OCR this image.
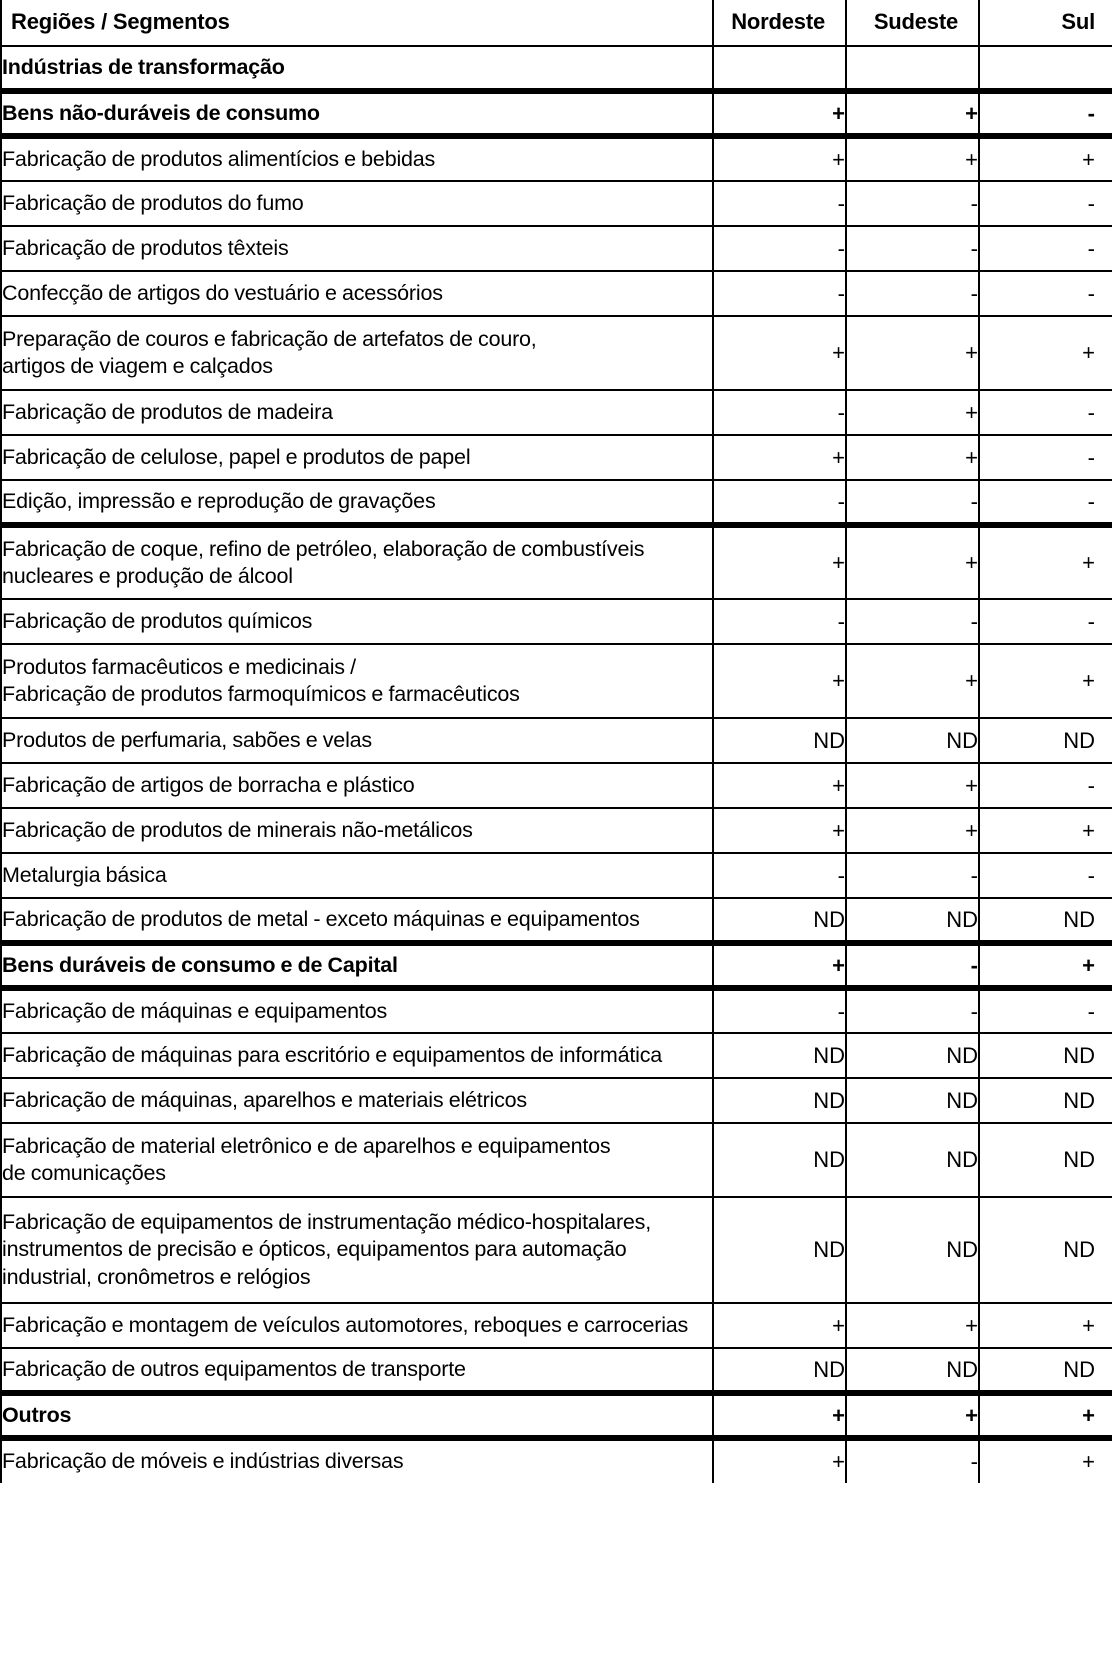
Regiões / Segmentos	Nordeste	Sudeste	Sul

Indústrias de transformação			

Bens não-duráveis de consumo	+	+	-

Fabricação de produtos alimentícios e bebidas	+	+	+

Fabricação de produtos do fumo	-	-	-

Fabricação de produtos têxteis	-	-	-

Confecção de artigos do vestuário e acessórios	-	-	-

Preparação de couros e fabricação de artefatos de couro,
artigos de viagem e calçados	+	+	+

Fabricação de produtos de madeira	-	+	-

Fabricação de celulose, papel e produtos de papel	+	+	-

Edição, impressão e reprodução de gravações	-	-	-

Fabricação de coque, refino de petróleo, elaboração de combustíveis
nucleares e produção de álcool	+	+	+

Fabricação de produtos químicos	-	-	-

Produtos farmacêuticos e medicinais /
Fabricação de produtos farmoquímicos e farmacêuticos	+	+	+

Produtos de perfumaria, sabões e velas	ND	ND	ND

Fabricação de artigos de borracha e plástico	+	+	-

Fabricação de produtos de minerais não-metálicos	+	+	+

Metalurgia básica	-	-	-

Fabricação de produtos de metal - exceto máquinas e equipamentos	ND	ND	ND

Bens duráveis de consumo e de Capital	+	-	+

Fabricação de máquinas e equipamentos	-	-	-

Fabricação de máquinas para escritório e equipamentos de informática	ND	ND	ND

Fabricação de máquinas, aparelhos e materiais elétricos	ND	ND	ND

Fabricação de material eletrônico e de aparelhos e equipamentos
de comunicações	ND	ND	ND

Fabricação de equipamentos de instrumentação médico-hospitalares,
instrumentos de precisão e ópticos, equipamentos para automação
industrial, cronômetros e relógios	ND	ND	ND

Fabricação e montagem de veículos automotores, reboques e carrocerias	+	+	+

Fabricação de outros equipamentos de transporte	ND	ND	ND

Outros	+	+	+

Fabricação de móveis e indústrias diversas	+	-	+
